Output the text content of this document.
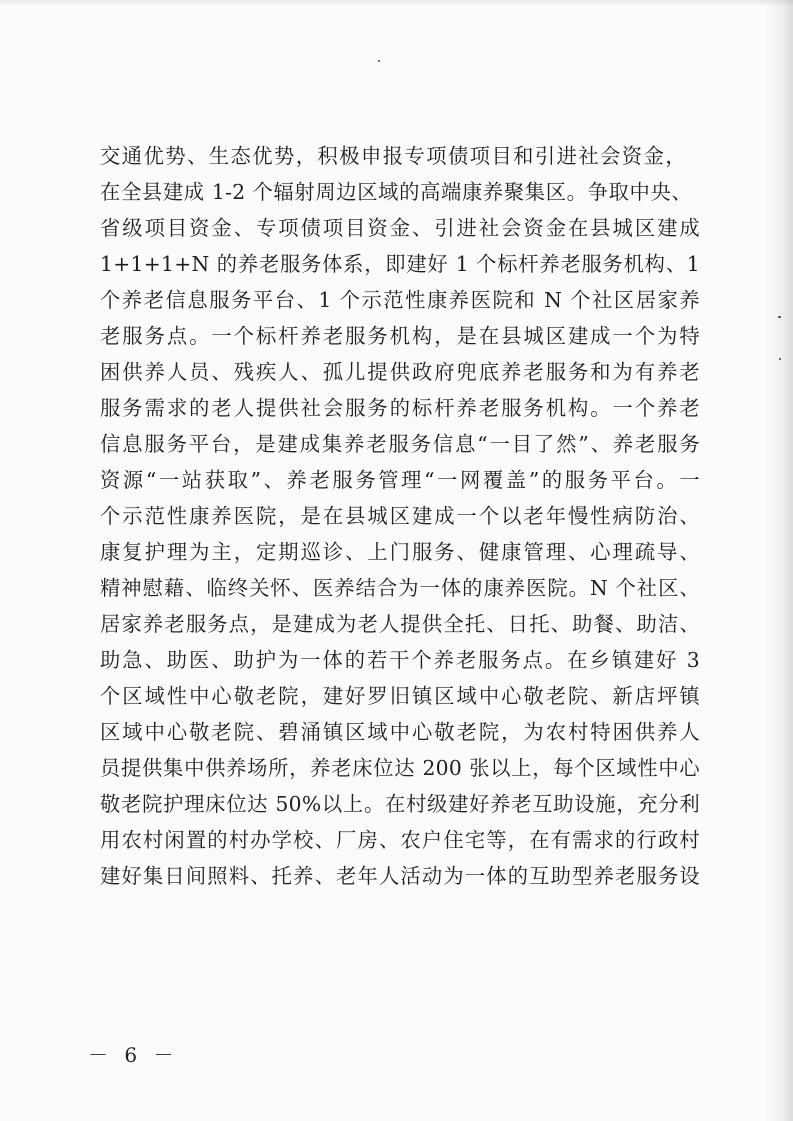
交通优势、生态优势，积极申报专项债项目和引进社会资金，
在全县建成 1-2 个辐射周边区域的高端康养聚集区。争取中央、
省级项目资金、专项债项目资金、引进社会资金在县城区建成
1+1+1+N 的养老服务体系，即建好 1 个标杆养老服务机构、1
个养老信息服务平台、1 个示范性康养医院和 N 个社区居家养
老服务点。一个标杆养老服务机构，是在县城区建成一个为特
困供养人员、残疾人、孤儿提供政府兜底养老服务和为有养老
服务需求的老人提供社会服务的标杆养老服务机构。一个养老
信息服务平台，是建成集养老服务信息“一目了然”、养老服务
资源“一站获取”、养老服务管理“一网覆盖”的服务平台。一
个示范性康养医院，是在县城区建成一个以老年慢性病防治、
康复护理为主，定期巡诊、上门服务、健康管理、心理疏导、
精神慰藉、临终关怀、医养结合为一体的康养医院。N 个社区、
居家养老服务点，是建成为老人提供全托、日托、助餐、助洁、
助急、助医、助护为一体的若干个养老服务点。在乡镇建好 3
个区域性中心敬老院，建好罗旧镇区域中心敬老院、新店坪镇
区域中心敬老院、碧涌镇区域中心敬老院，为农村特困供养人
员提供集中供养场所，养老床位达 200 张以上，每个区域性中心
敬老院护理床位达 50%以上。在村级建好养老互助设施，充分利
用农村闲置的村办学校、厂房、农户住宅等，在有需求的行政村
建好集日间照料、托养、老年人活动为一体的互助型养老服务设
－ 6 －
